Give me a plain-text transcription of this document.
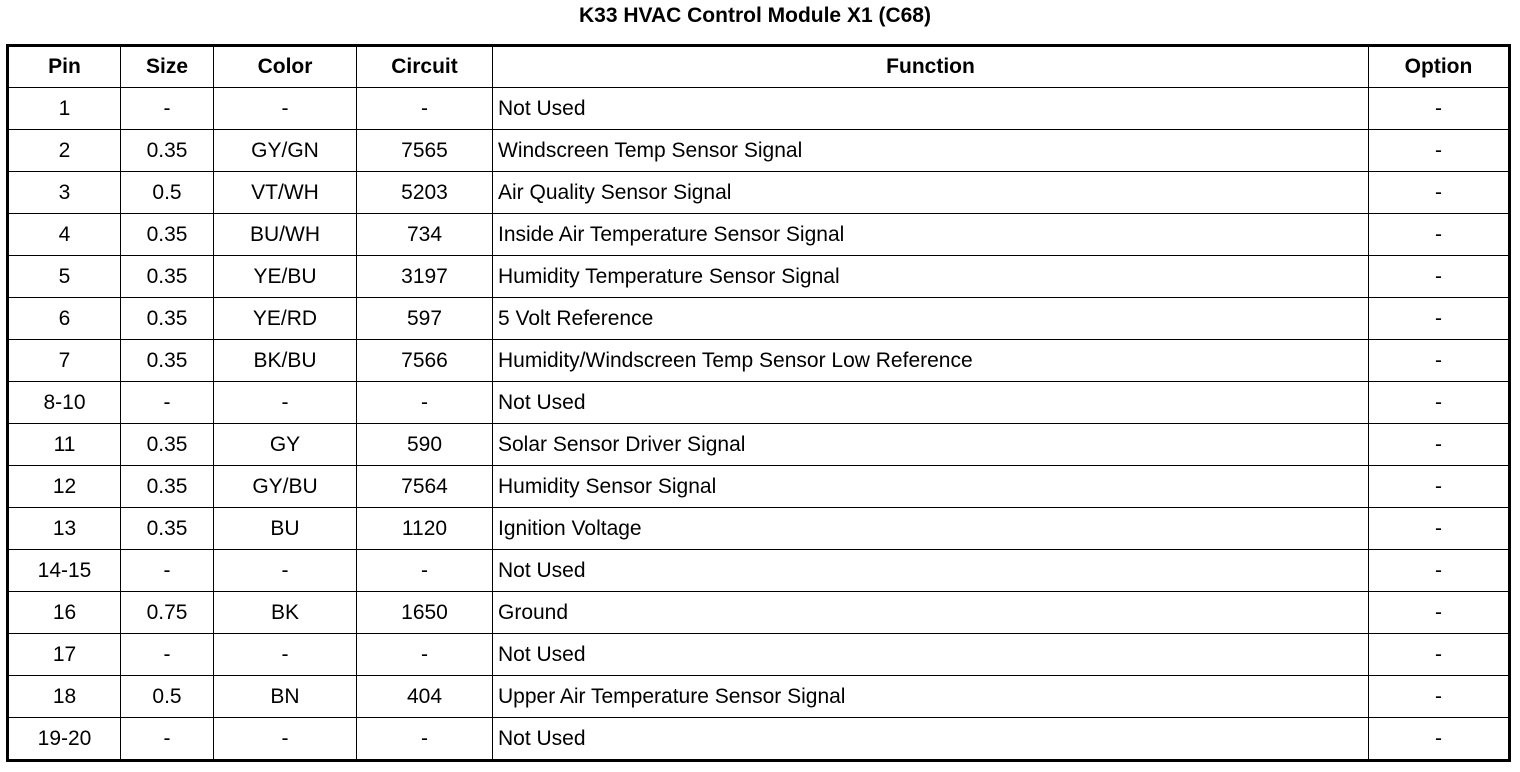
K33 HVAC Control Module X1 (C68)
Pin	Size	Color	Circuit	Function	Option
1	-	-	-	Not Used	-
2	0.35	GY/GN	7565	Windscreen Temp Sensor Signal	-
3	0.5	VT/WH	5203	Air Quality Sensor Signal	-
4	0.35	BU/WH	734	Inside Air Temperature Sensor Signal	-
5	0.35	YE/BU	3197	Humidity Temperature Sensor Signal	-
6	0.35	YE/RD	597	5 Volt Reference	-
7	0.35	BK/BU	7566	Humidity/Windscreen Temp Sensor Low Reference	-
8-10	-	-	-	Not Used	-
11	0.35	GY	590	Solar Sensor Driver Signal	-
12	0.35	GY/BU	7564	Humidity Sensor Signal	-
13	0.35	BU	1120	Ignition Voltage	-
14-15	-	-	-	Not Used	-
16	0.75	BK	1650	Ground	-
17	-	-	-	Not Used	-
18	0.5	BN	404	Upper Air Temperature Sensor Signal	-
19-20	-	-	-	Not Used	-
